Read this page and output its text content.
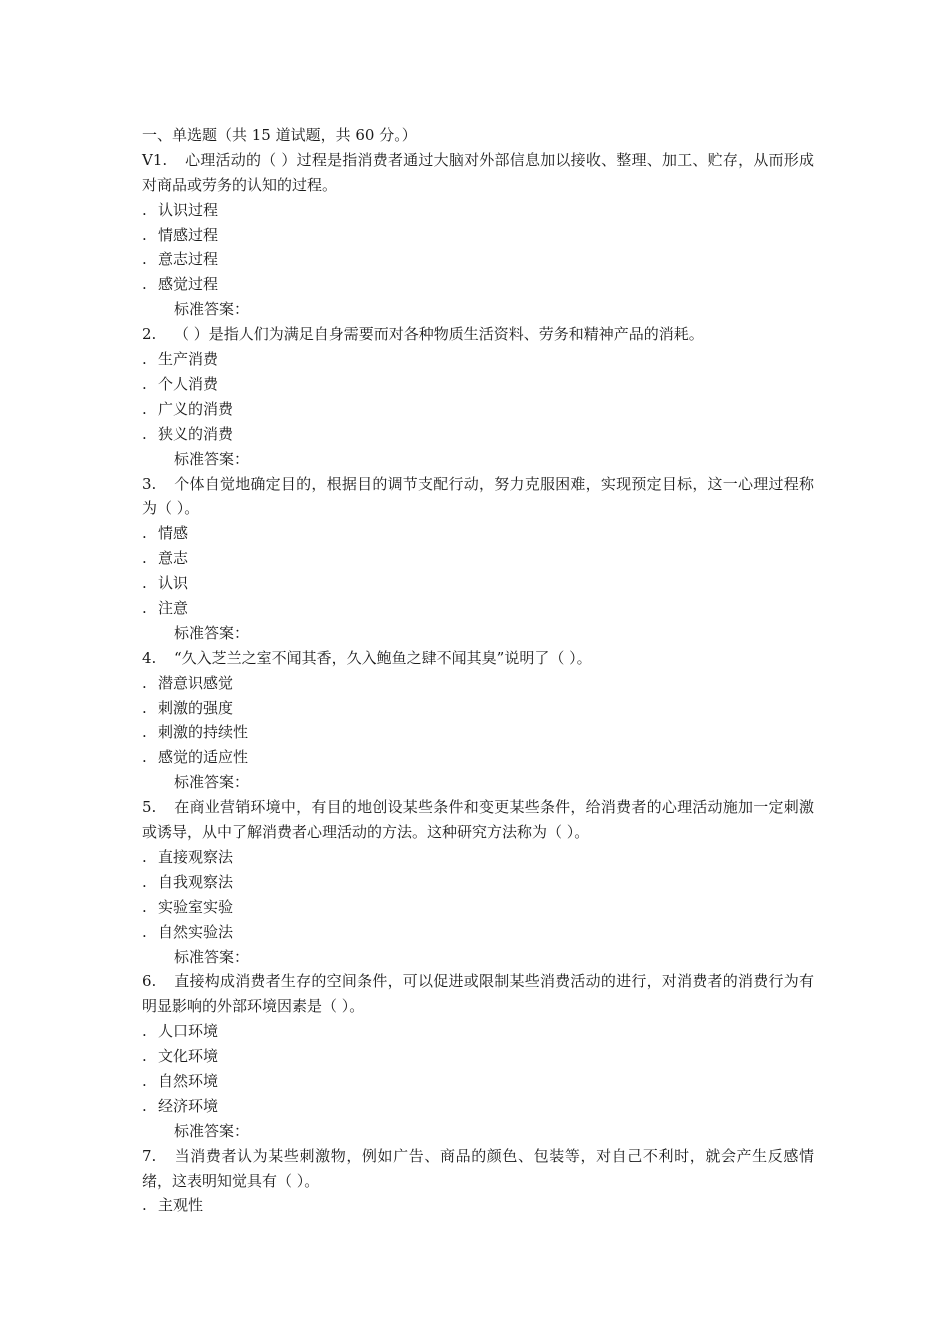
一、单选题（共 15 道试题，共 60 分。）
V1. 心理活动的（ ）过程是指消费者通过大脑对外部信息加以接收、整理、加工、贮存，从而形成对商品或劳务的认知的过程。
. 认识过程
. 情感过程
. 意志过程
. 感觉过程
标准答案：
2. （ ）是指人们为满足自身需要而对各种物质生活资料、劳务和精神产品的消耗。
. 生产消费
. 个人消费
. 广义的消费
. 狭义的消费
标准答案：
3. 个体自觉地确定目的，根据目的调节支配行动，努力克服困难，实现预定目标，这一心理过程称为（ ）。
. 情感
. 意志
. 认识
. 注意
标准答案：
4. “久入芝兰之室不闻其香，久入鲍鱼之肆不闻其臭”说明了（ ）。
. 潜意识感觉
. 刺激的强度
. 刺激的持续性
. 感觉的适应性
标准答案：
5. 在商业营销环境中，有目的地创设某些条件和变更某些条件，给消费者的心理活动施加一定刺激或诱导，从中了解消费者心理活动的方法。这种研究方法称为（ ）。
. 直接观察法
. 自我观察法
. 实验室实验
. 自然实验法
标准答案：
6. 直接构成消费者生存的空间条件，可以促进或限制某些消费活动的进行，对消费者的消费行为有明显影响的外部环境因素是（ ）。
. 人口环境
. 文化环境
. 自然环境
. 经济环境
标准答案：
7. 当消费者认为某些刺激物，例如广告、商品的颜色、包装等，对自己不利时，就会产生反感情绪，这表明知觉具有（ ）。
. 主观性
